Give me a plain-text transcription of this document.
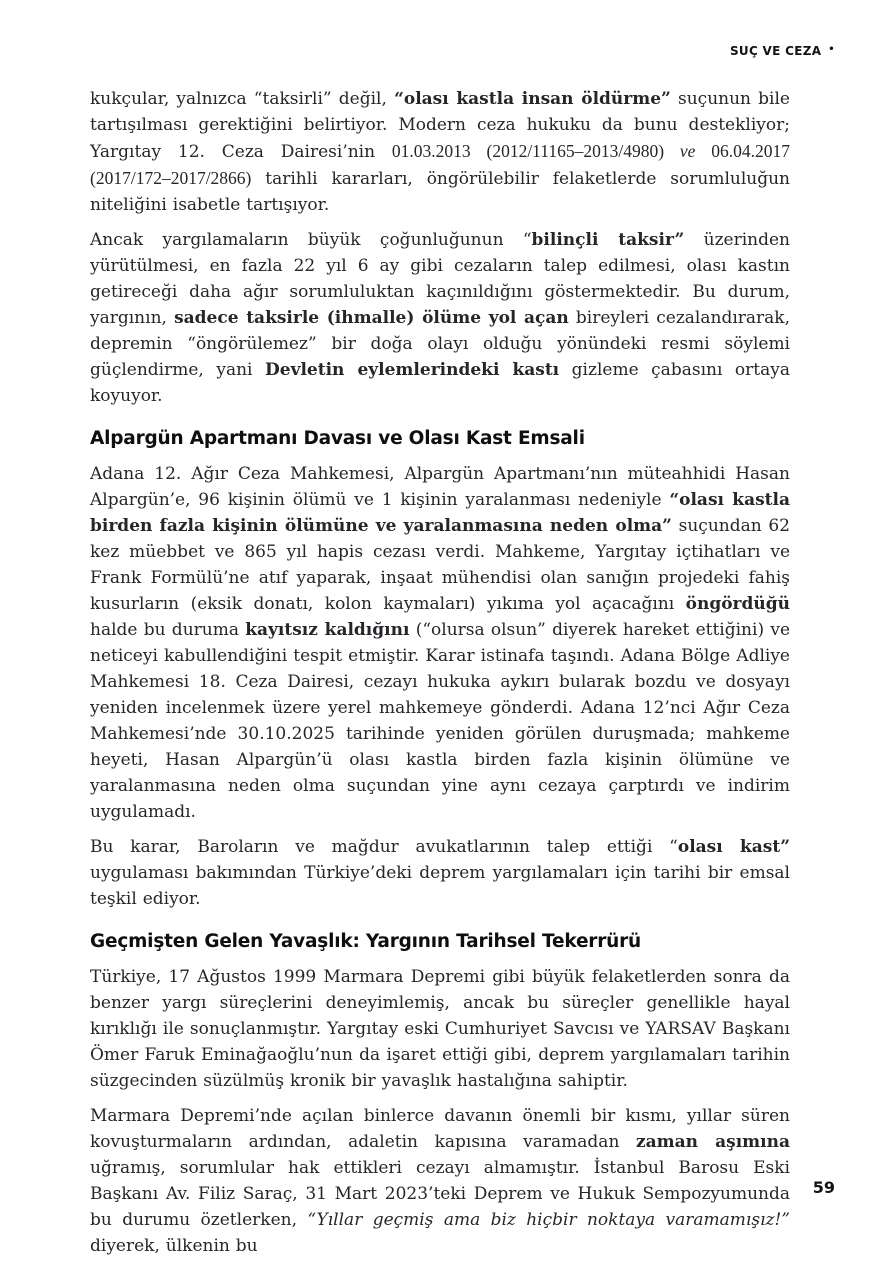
SUÇ VE CEZA •

kukçular, yalnızca “taksirli” değil, “olası kastla insan öldürme” suçunun bile tartışılması gerektiğini belirtiyor. Modern ceza hukuku da bunu destekliyor; Yargıtay 12. Ceza Dairesi’nin 01.03.2013 (2012/11165–2013/4980) ve 06.04.2017 (2017/172–2017/2866) tarihli kararları, öngörülebilir felaketlerde sorumluluğun niteliğini isabetle tartışıyor.

Ancak yargılamaların büyük çoğunluğunun “bilinçli taksir” üzerinden yürütülmesi, en fazla 22 yıl 6 ay gibi cezaların talep edilmesi, olası kastın getireceği daha ağır sorumluluktan kaçınıldığını göstermektedir. Bu durum, yargının, sadece taksirle (ihmalle) ölüme yol açan bireyleri cezalandırarak, depremin “öngörülemez” bir doğa olayı olduğu yönündeki resmi söylemi güçlendirme, yani Devletin eylemlerindeki kastı gizleme çabasını ortaya koyuyor.

Alpargün Apartmanı Davası ve Olası Kast Emsali

Adana 12. Ağır Ceza Mahkemesi, Alpargün Apartmanı’nın müteahhidi Hasan Alpargün’e, 96 kişinin ölümü ve 1 kişinin yaralanması nedeniyle “olası kastla birden fazla kişinin ölümüne ve yaralanmasına neden olma” suçundan 62 kez müebbet ve 865 yıl hapis cezası verdi. Mahkeme, Yargıtay içtihatları ve Frank Formülü’ne atıf yaparak, inşaat mühendisi olan sanığın projedeki fahiş kusurların (eksik donatı, kolon kaymaları) yıkıma yol açacağını öngördüğü halde bu duruma kayıtsız kaldığını (“olursa olsun” diyerek hareket ettiğini) ve neticeyi kabullendiğini tespit etmiştir. Karar istinafa taşındı. Adana Bölge Adliye Mahkemesi 18. Ceza Dairesi, cezayı hukuka aykırı bularak bozdu ve dosyayı yeniden incelenmek üzere yerel mahkemeye gönderdi. Adana 12’nci Ağır Ceza Mahkemesi’nde 30.10.2025 tarihinde yeniden görülen duruşmada; mahkeme heyeti, Hasan Alpargün’ü olası kastla birden fazla kişinin ölümüne ve yaralanmasına neden olma suçundan yine aynı cezaya çarptırdı ve indirim uygulamadı.

Bu karar, Baroların ve mağdur avukatlarının talep ettiği “olası kast” uygulaması bakımından Türkiye’deki deprem yargılamaları için tarihi bir emsal teşkil ediyor.

Geçmişten Gelen Yavaşlık: Yargının Tarihsel Tekerrürü

Türkiye, 17 Ağustos 1999 Marmara Depremi gibi büyük felaketlerden sonra da benzer yargı süreçlerini deneyimlemiş, ancak bu süreçler genellikle hayal kırıklığı ile sonuçlanmıştır. Yargıtay eski Cumhuriyet Savcısı ve YARSAV Başkanı Ömer Faruk Eminağaoğlu’nun da işaret ettiği gibi, deprem yargılamaları tarihin süzgecinden süzülmüş kronik bir yavaşlık hastalığına sahiptir.

Marmara Depremi’nde açılan binlerce davanın önemli bir kısmı, yıllar süren kovuşturmaların ardından, adaletin kapısına varamadan zaman aşımına uğramış, sorumlular hak ettikleri cezayı almamıştır. İstanbul Barosu Eski Başkanı Av. Filiz Saraç, 31 Mart 2023’teki Deprem ve Hukuk Sempozyumunda bu durumu özetlerken, “Yıllar geçmiş ama biz hiçbir noktaya varamamışız!” diyerek, ülkenin bu

59
